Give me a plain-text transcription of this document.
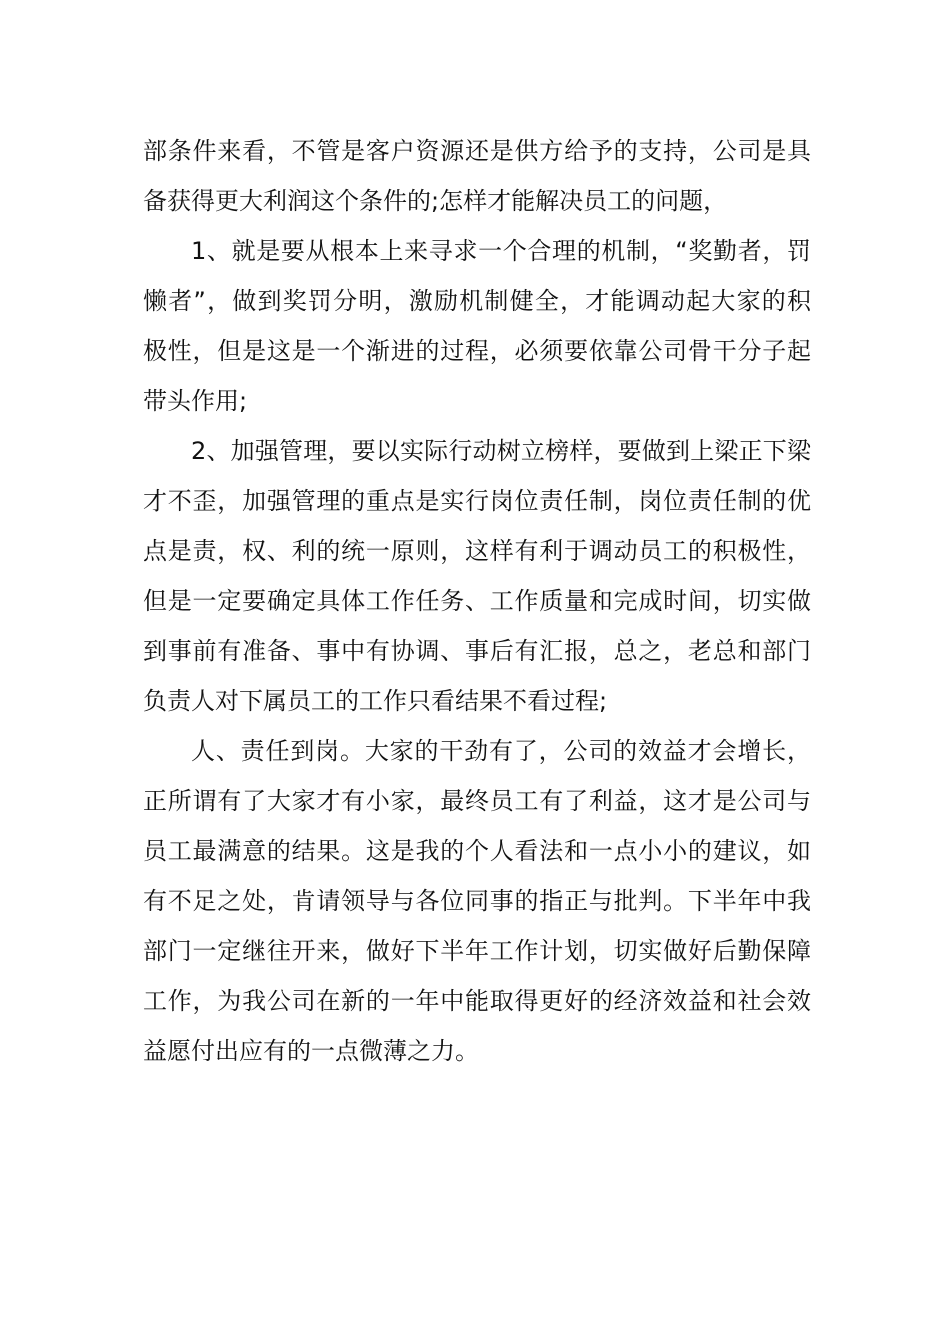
部条件来看，不管是客户资源还是供方给予的支持，公司是具
备获得更大利润这个条件的;怎样才能解决员工的问题，
1、就是要从根本上来寻求一个合理的机制，“奖勤者，罚
懒者”，做到奖罚分明，激励机制健全，才能调动起大家的积
极性，但是这是一个渐进的过程，必须要依靠公司骨干分子起
带头作用;
2、加强管理，要以实际行动树立榜样，要做到上梁正下梁
才不歪，加强管理的重点是实行岗位责任制，岗位责任制的优
点是责，权、利的统一原则，这样有利于调动员工的积极性，
但是一定要确定具体工作任务、工作质量和完成时间，切实做
到事前有准备、事中有协调、事后有汇报，总之，老总和部门
负责人对下属员工的工作只看结果不看过程;
人、责任到岗。大家的干劲有了，公司的效益才会增长，
正所谓有了大家才有小家，最终员工有了利益，这才是公司与
员工最满意的结果。这是我的个人看法和一点小小的建议，如
有不足之处，肯请领导与各位同事的指正与批判。下半年中我
部门一定继往开来，做好下半年工作计划，切实做好后勤保障
工作，为我公司在新的一年中能取得更好的经济效益和社会效
益愿付出应有的一点微薄之力。
